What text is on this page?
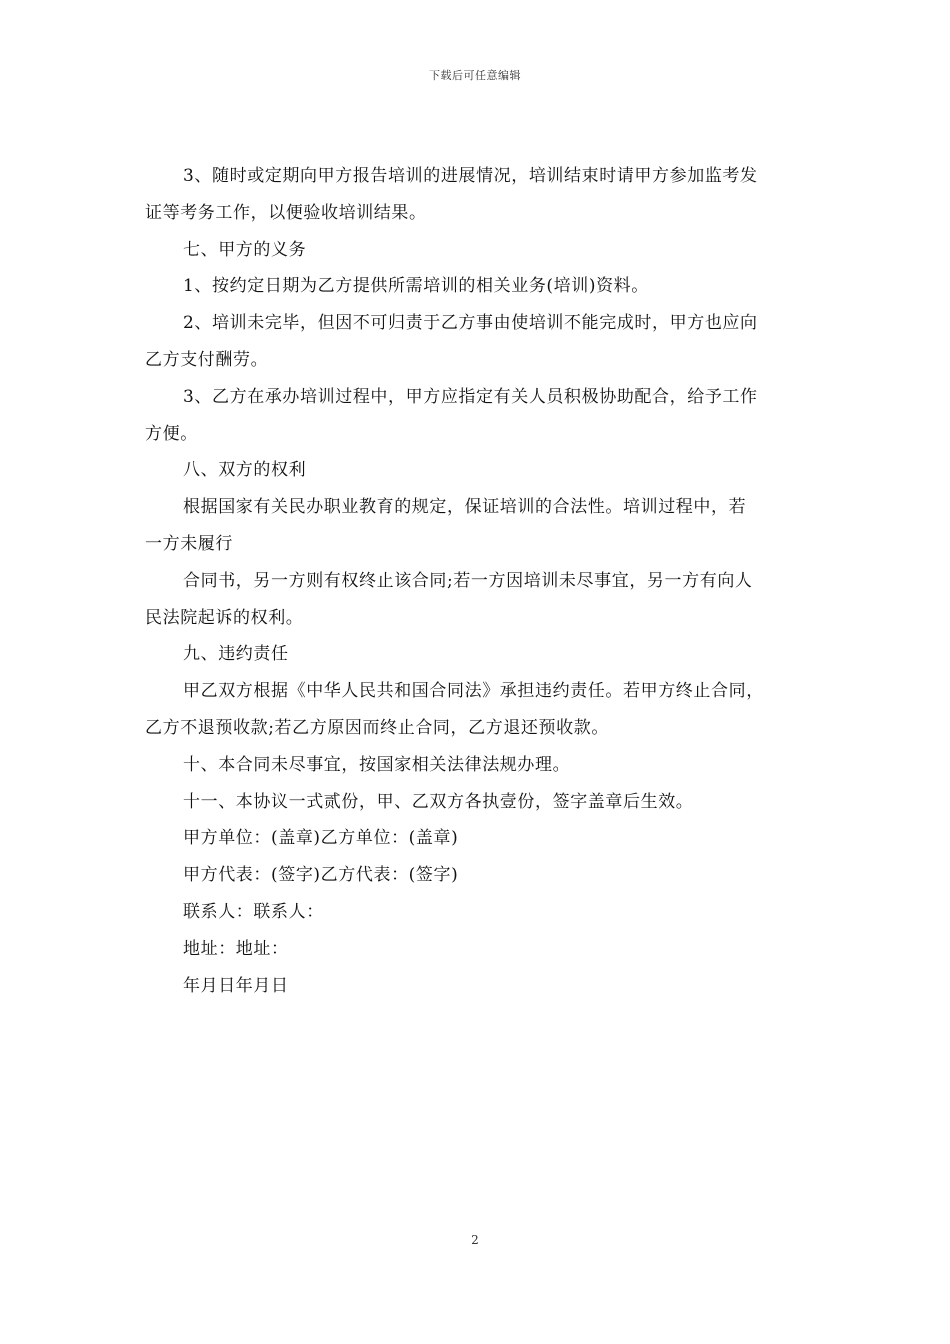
下载后可任意编辑

3、随时或定期向甲方报告培训的进展情况，培训结束时请甲方参加监考发
证等考务工作，以便验收培训结果。

七、甲方的义务

1、按约定日期为乙方提供所需培训的相关业务(培训)资料。

2、培训未完毕，但因不可归责于乙方事由使培训不能完成时，甲方也应向
乙方支付酬劳。

3、乙方在承办培训过程中，甲方应指定有关人员积极协助配合，给予工作
方便。

八、双方的权利

根据国家有关民办职业教育的规定，保证培训的合法性。培训过程中，若
一方未履行

合同书，另一方则有权终止该合同;若一方因培训未尽事宜，另一方有向人
民法院起诉的权利。

九、违约责任

甲乙双方根据《中华人民共和国合同法》承担违约责任。若甲方终止合同，
乙方不退预收款;若乙方原因而终止合同，乙方退还预收款。

十、本合同未尽事宜，按国家相关法律法规办理。

十一、本协议一式贰份，甲、乙双方各执壹份，签字盖章后生效。

甲方单位：(盖章)乙方单位：(盖章)

甲方代表：(签字)乙方代表：(签字)

联系人：联系人：

地址：地址：

年月日年月日

2
